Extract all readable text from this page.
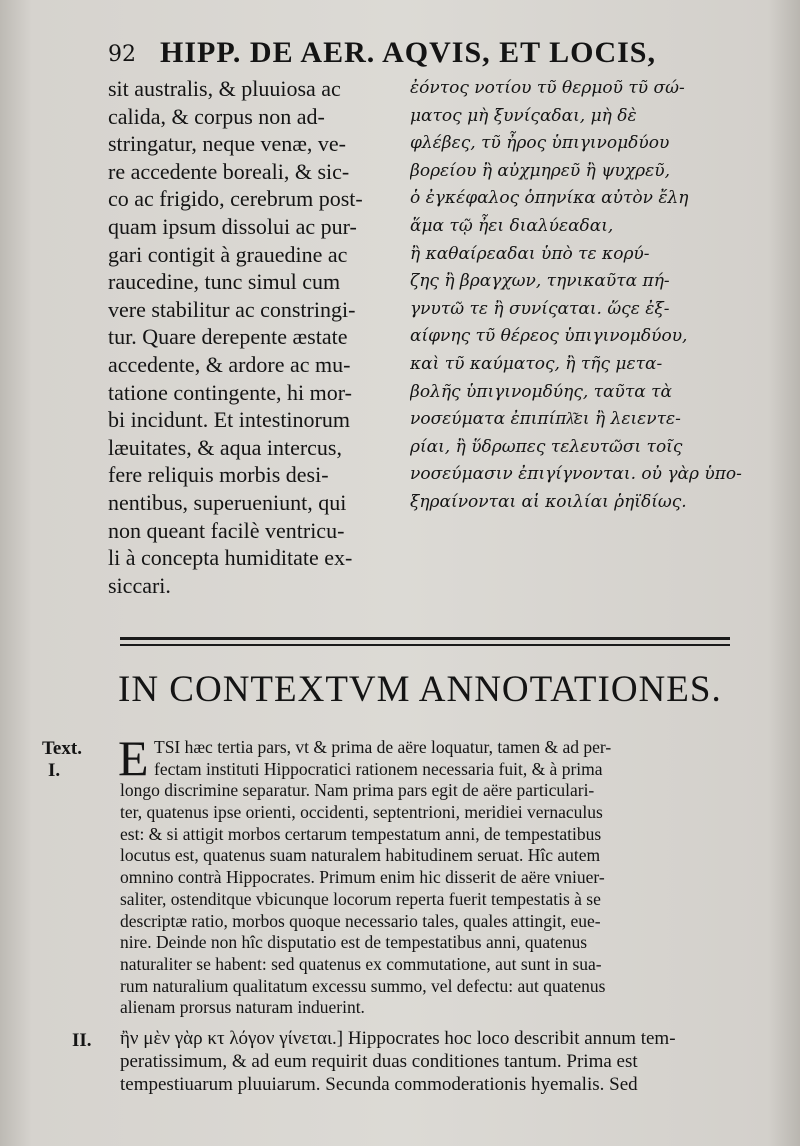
92 HIPP. DE AER. AQVIS, ET LOCIS,
sit australis, & pluuiosa ac
calida, & corpus non ad-
stringatur, neque venæ, ve-
re accedente boreali, & sic-
co ac frigido, cerebrum post-
quam ipsum dissolui ac pur-
gari contigit à grauedine ac
raucedine, tunc simul cum
vere stabilitur ac constringi-
tur. Quare derepente æstate
accedente, & ardore ac mu-
tatione contingente, hi mor-
bi incidunt. Et intestinorum
læuitates, & aqua intercus,
fere reliquis morbis desi-
nentibus, superueniunt, qui
non queant facilè ventricu-
li à concepta humiditate ex-
siccari.
ἐόντος νοτίου τῦ θερμοῦ τῦ σώ-
ματος μὴ ξυνίςαδαι, μὴ δὲ
φλέβες, τῦ ἦρος ὑπιγινομδύου
βορείου ἢ αὐχμηρεῦ ἢ ψυχρεῦ,
ὁ ἐγκέφαλος ὁπηνίκα αὐτὸν ἔλη
ἅμα τῷ ἦει διαλύεαδαι,
ἢ καθαίρεαδαι ὑπὸ τε κορύ-
ζης ἢ βραγχων, τηνικαῦτα πή-
γνυτῶ τε ἢ συνίςαται. ὥςε ἐξ-
αίφνης τῦ θέρεος ὑπιγινομδύου,
καὶ τῦ καύματος, ἢ τῆς μετα-
βολῆς ὑπιγινομδύης, ταῦτα τὰ
νοσεύματα ἐπιπίπλ͂ει ἢ λειεντε-
ρίαι, ἢ ὕδρωπες τελευτῶσι τοῖς
νοσεύμασιν ἐπιγίγνονται. οὐ γὰρ ὑπο-
ξηραίνονται αἱ κοιλίαι ῥηϊδίως.
IN CONTEXTVM ANNOTATIONES.
Text.
I. E TSI hæc tertia pars, vt & prima de aëre loquatur, tamen & ad per-
fectam instituti Hippocratici rationem necessaria fuit, & à prima
longo discrimine separatur. Nam prima pars egit de aëre particulari-
ter, quatenus ipse orienti, occidenti, septentrioni, meridiei vernaculus
est: & si attigit morbos certarum tempestatum anni, de tempestatibus
locutus est, quatenus suam naturalem habitudinem seruat. Hîc autem
omnino contrà Hippocrates. Primum enim hic disserit de aëre vniuer-
saliter, ostenditque vbicunque locorum reperta fuerit tempestatis à se
descriptæ ratio, morbos quoque necessario tales, quales attingit, eue-
nire. Deinde non hîc disputatio est de tempestatibus anni, quatenus
naturaliter se habent: sed quatenus ex commutatione, aut sunt in sua-
rum naturalium qualitatum excessu summo, vel defectu: aut quatenus
alienam prorsus naturam induerint.
II. ἢν μὲν γὰρ κτ λόγον γίνεται.] Hippocrates hoc loco describit annum tem-
peratissimum, & ad eum requirit duas conditiones tantum. Prima est
tempestiuarum pluuiarum. Secunda commoderationis hyemalis. Sed
